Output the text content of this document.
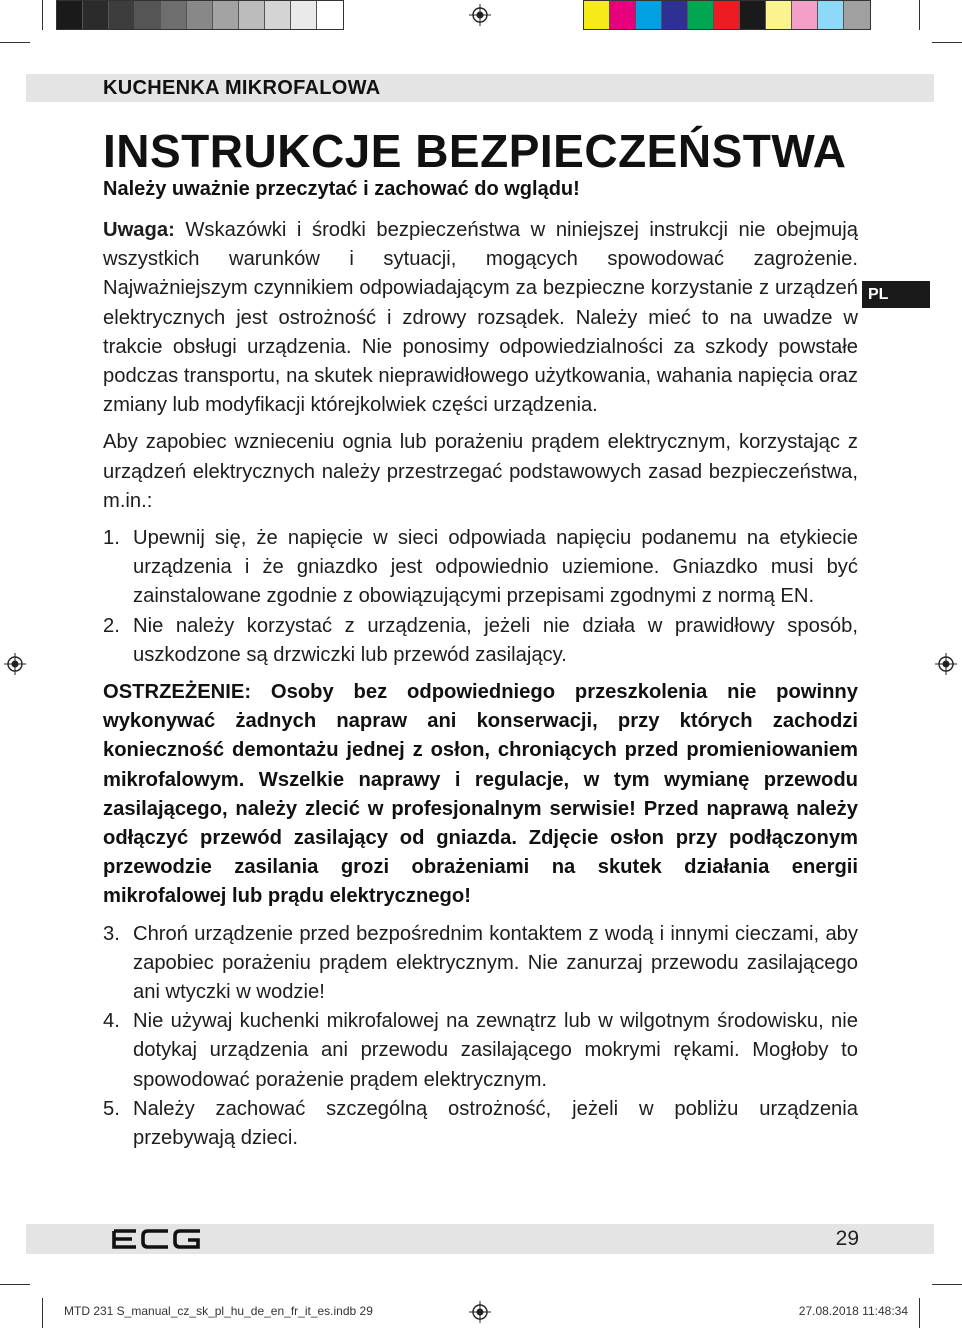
KUCHENKA MIKROFALOWA
INSTRUKCJE BEZPIECZEŃSTWA
Należy uważnie przeczytać i zachować do wglądu!
PL

Uwaga: Wskazówki i środki bezpieczeństwa w niniejszej instrukcji nie obejmują wszystkich warunków i sytuacji, mogących spowodować zagrożenie. Najważniejszym czynnikiem odpowiadającym za bezpieczne korzystanie z urządzeń elektrycznych jest ostrożność i zdrowy rozsądek. Należy mieć to na uwadze w trakcie obsługi urządzenia. Nie ponosimy odpowiedzialności za szkody powstałe podczas transportu, na skutek nieprawidłowego użytkowania, wahania napięcia oraz zmiany lub modyfikacji którejkolwiek części urządzenia.

Aby zapobiec wznieceniu ognia lub porażeniu prądem elektrycznym, korzystając z urządzeń elektrycznych należy przestrzegać podstawowych zasad bezpieczeństwa, m.in.:

1. Upewnij się, że napięcie w sieci odpowiada napięciu podanemu na etykiecie urządzenia i że gniazdko jest odpowiednio uziemione. Gniazdko musi być zainstalowane zgodnie z obowiązującymi przepisami zgodnymi z normą EN.
2. Nie należy korzystać z urządzenia, jeżeli nie działa w prawidłowy sposób, uszkodzone są drzwiczki lub przewód zasilający.

OSTRZEŻENIE: Osoby bez odpowiedniego przeszkolenia nie powinny wykonywać żadnych napraw ani konserwacji, przy których zachodzi konieczność demontażu jednej z osłon, chroniących przed promieniowaniem mikrofalowym. Wszelkie naprawy i regulacje, w tym wymianę przewodu zasilającego, należy zlecić w profesjonalnym serwisie! Przed naprawą należy odłączyć przewód zasilający od gniazda. Zdjęcie osłon przy podłączonym przewodzie zasilania grozi obrażeniami na skutek działania energii mikrofalowej lub prądu elektrycznego!

3. Chroń urządzenie przed bezpośrednim kontaktem z wodą i innymi cieczami, aby zapobiec porażeniu prądem elektrycznym. Nie zanurzaj przewodu zasilającego ani wtyczki w wodzie!
4. Nie używaj kuchenki mikrofalowej na zewnątrz lub w wilgotnym środowisku, nie dotykaj urządzenia ani przewodu zasilającego mokrymi rękami. Mogłoby to spowodować porażenie prądem elektrycznym.
5. Należy zachować szczególną ostrożność, jeżeli w pobliżu urządzenia przebywają dzieci.
29
MTD 231 S_manual_cz_sk_pl_hu_de_en_fr_it_es.indb 29	27.08.2018 11:48:34
